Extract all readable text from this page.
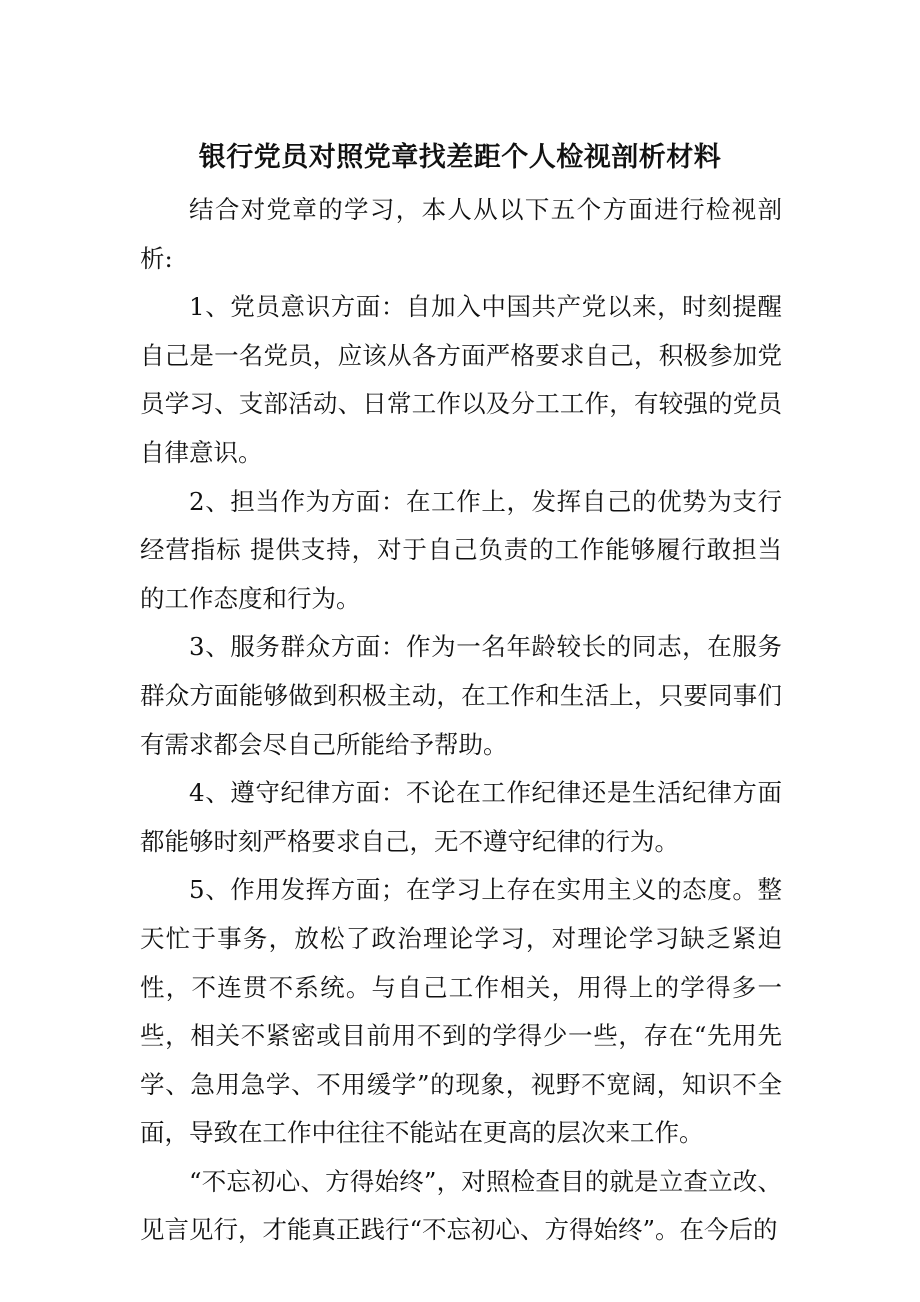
银行党员对照党章找差距个人检视剖析材料

结合对党章的学习，本人从以下五个方面进行检视剖析:

1、党员意识方面：自加入中国共产党以来，时刻提醒自己是一名党员，应该从各方面严格要求自己，积极参加党员学习、支部活动、日常工作以及分工工作，有较强的党员自律意识。

2、担当作为方面：在工作上，发挥自己的优势为支行经营指标 提供支持，对于自己负责的工作能够履行敢担当的工作态度和行为。

3、服务群众方面：作为一名年龄较长的同志，在服务群众方面能够做到积极主动，在工作和生活上，只要同事们有需求都会尽自己所能给予帮助。

4、遵守纪律方面：不论在工作纪律还是生活纪律方面都能够时刻严格要求自己，无不遵守纪律的行为。

5、作用发挥方面；在学习上存在实用主义的态度。整天忙于事务，放松了政治理论学习，对理论学习缺乏紧迫性，不连贯不系统。与自己工作相关，用得上的学得多一些，相关不紧密或目前用不到的学得少一些，存在“先用先学、急用急学、不用缓学”的现象，视野不宽阔，知识不全面，导致在工作中往往不能站在更高的层次来工作。

“不忘初心、方得始终”，对照检查目的就是立查立改、见言见行，才能真正践行“不忘初心、方得始终”。在今后的
